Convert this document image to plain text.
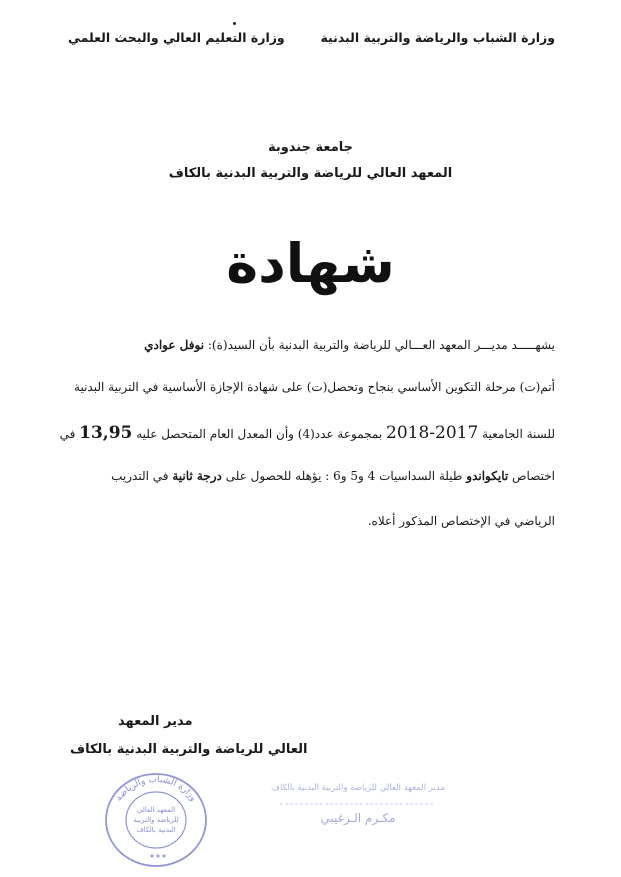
وزارة الشباب والرياضة والتربية البدنية
وزارة التعليم العالي والبحث العلمي
جامعة جندوبة
المعهد العالي للرياضة والتربية البدنية بالكاف
شهادة
يشهـــــد مديـــر المعهد العـــالي للرياضة والتربية البدنية بأن السيد(ة): نوفل عوادي
أتم(ت) مرحلة التكوين الأساسي بنجاح وتحصل(ت) على شهادة الإجازة الأساسية في التربية البدنية
للسنة الجامعية 2017-2018 بمجموعة عدد(4) وأن المعدل العام المتحصل عليه 13,95 في
اختصاص تايكواندو طيلة السداسيات 4 و5 و6 : يؤهله للحصول على درجة ثانية في التدريب
الرياضي في الإختصاص المذكور أعلاه.
مدير المعهد
العالي للرياضة والتربية البدنية بالكاف
وزارة الشباب والرياضة
المعهد العالي
للرياضة والتربية
البدنية بالكاف
مدير المعهد العالي للرياضة والتربية البدنية بالكاف
مكـرم الـزغيبي
